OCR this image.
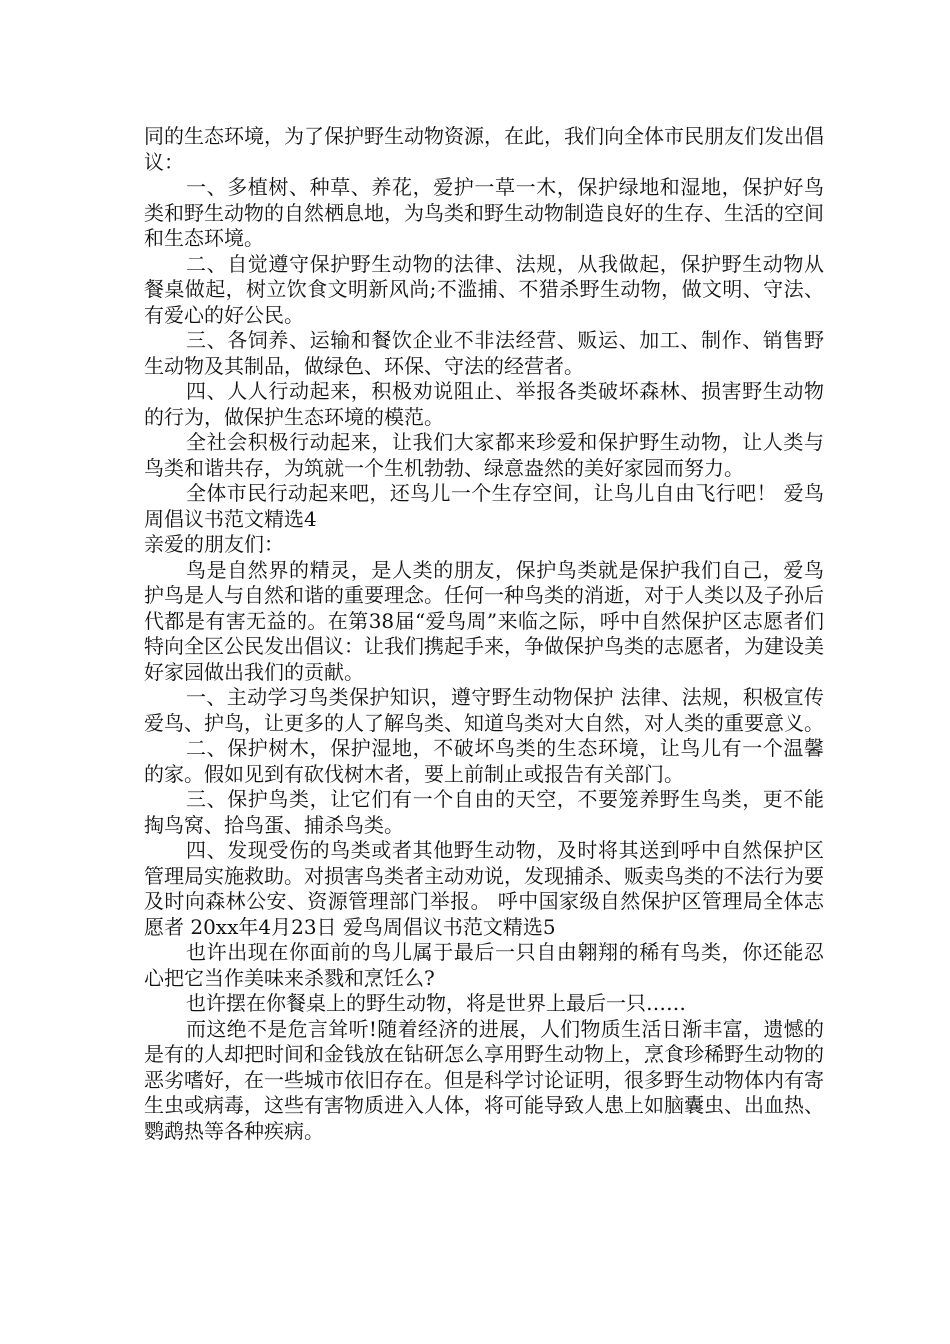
同的生态环境，为了保护野生动物资源，在此，我们向全体市民朋友们发出倡议：

一、多植树、种草、养花，爱护一草一木，保护绿地和湿地，保护好鸟类和野生动物的自然栖息地，为鸟类和野生动物制造良好的生存、生活的空间和生态环境。

二、自觉遵守保护野生动物的法律、法规，从我做起，保护野生动物从餐桌做起，树立饮食文明新风尚;不滥捕、不猎杀野生动物，做文明、守法、有爱心的好公民。

三、各饲养、运输和餐饮企业不非法经营、贩运、加工、制作、销售野生动物及其制品，做绿色、环保、守法的经营者。

四、人人行动起来，积极劝说阻止、举报各类破坏森林、损害野生动物的行为，做保护生态环境的模范。

全社会积极行动起来，让我们大家都来珍爱和保护野生动物，让人类与鸟类和谐共存，为筑就一个生机勃勃、绿意盎然的美好家园而努力。

全体市民行动起来吧，还鸟儿一个生存空间，让鸟儿自由飞行吧！ 爱鸟周倡议书范文精选4

亲爱的朋友们：

鸟是自然界的精灵，是人类的朋友，保护鸟类就是保护我们自己，爱鸟护鸟是人与自然和谐的重要理念。任何一种鸟类的消逝，对于人类以及子孙后代都是有害无益的。在第38届“爱鸟周”来临之际，呼中自然保护区志愿者们特向全区公民发出倡议：让我们携起手来，争做保护鸟类的志愿者，为建设美好家园做出我们的贡献。

一、主动学习鸟类保护知识，遵守野生动物保护 法律、法规，积极宣传爱鸟、护鸟，让更多的人了解鸟类、知道鸟类对大自然，对人类的重要意义。

二、保护树木，保护湿地，不破坏鸟类的生态环境，让鸟儿有一个温馨的家。假如见到有砍伐树木者，要上前制止或报告有关部门。

三、保护鸟类，让它们有一个自由的天空，不要笼养野生鸟类，更不能掏鸟窝、拾鸟蛋、捕杀鸟类。

四、发现受伤的鸟类或者其他野生动物，及时将其送到呼中自然保护区管理局实施救助。对损害鸟类者主动劝说，发现捕杀、贩卖鸟类的不法行为要及时向森林公安、资源管理部门举报。 呼中国家级自然保护区管理局全体志愿者 20xx年4月23日 爱鸟周倡议书范文精选5

也许出现在你面前的鸟儿属于最后一只自由翱翔的稀有鸟类，你还能忍心把它当作美味来杀戮和烹饪么?

也许摆在你餐桌上的野生动物，将是世界上最后一只……

而这绝不是危言耸听!随着经济的进展，人们物质生活日渐丰富，遗憾的是有的人却把时间和金钱放在钻研怎么享用野生动物上，烹食珍稀野生动物的恶劣嗜好，在一些城市依旧存在。但是科学讨论证明，很多野生动物体内有寄生虫或病毒，这些有害物质进入人体，将可能导致人患上如脑囊虫、出血热、鹦鹉热等各种疾病。
